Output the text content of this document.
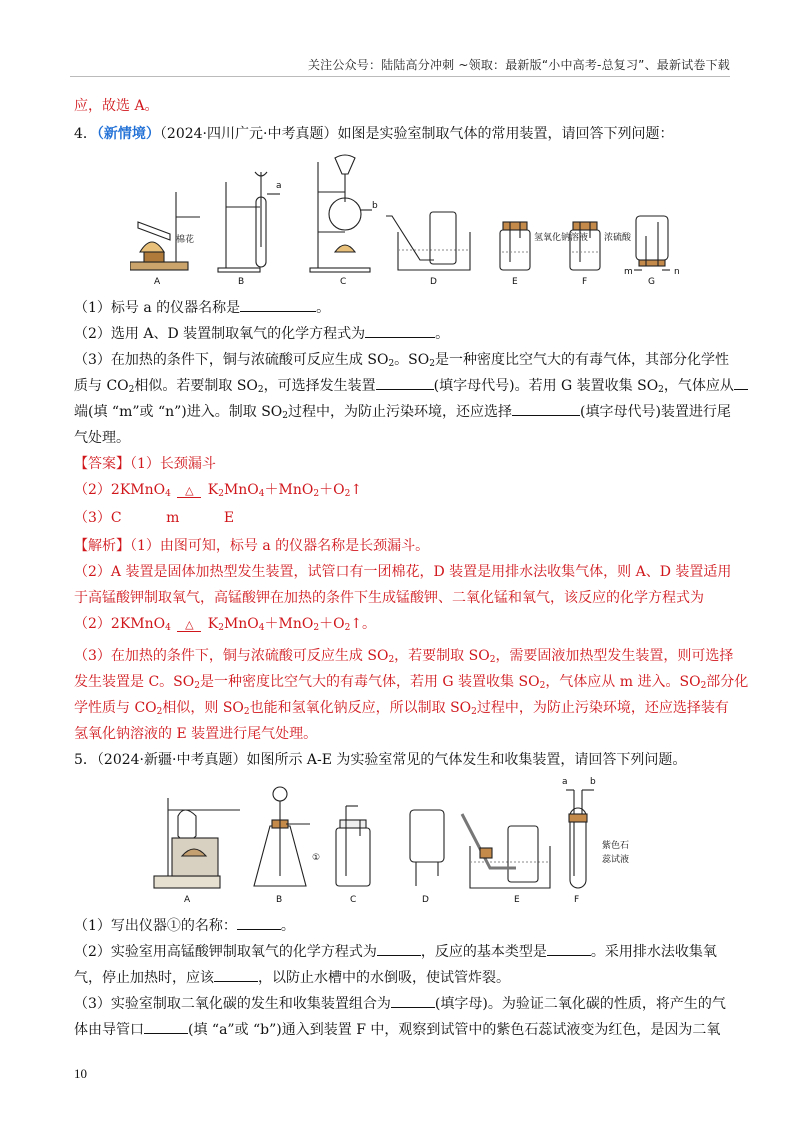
关注公众号：陆陆高分冲刺 ~领取：最新版“小中高考-总复习”、最新试卷下载
应，故选 A。
4．（新情境）（2024·四川广元·中考真题）如图是实验室制取气体的常用装置，请回答下列问题：
棉花
A
a
B
b
C	D
氢氧化钠溶液
E
浓硫酸
F
m	n
G
（1）标号 a 的仪器名称是	。
（2）选用 A、D 装置制取氧气的化学方程式为	。
（3）在加热的条件下，铜与浓硫酸可反应生成 $SO_2$。$SO_2$是一种密度比空气大的有毒气体，其部分化学性
质与 $CO_2$相似。若要制取 $SO_2$，可选择发生装置	(填字母代号)。若用 G 装置收集 $SO_2$，气体应从
端(填 “m”或 “n”)进入。制取 $SO_2$过程中，为防止污染环境，还应选择	(填字母代号)装置进行尾
气处理。
【答案】（1）长颈漏斗
（2）2KMnO$_4$ △ $K_2MnO_4+MnO_2+O_2↑$
（3）C          m          E
【解析】（1）由图可知，标号 a 的仪器名称是长颈漏斗。
（2）A 装置是固体加热型发生装置，试管口有一团棉花，D 装置是用排水法收集气体，则 A、D 装置适用
于高锰酸钾制取氧气，高锰酸钾在加热的条件下生成锰酸钾、二氧化锰和氧气，该反应的化学方程式为
（2）2KMnO$_4$ △ $K_2MnO_4+MnO_2+O_2↑$。
（3）在加热的条件下，铜与浓硫酸可反应生成 $SO_2$，若要制取 $SO_2$，需要固液加热型发生装置，则可选择
发生装置是 C。$SO_2$是一种密度比空气大的有毒气体，若用 G 装置收集 $SO_2$，气体应从 m 进入。$SO_2$部分化
学性质与 $CO_2$相似，则 $SO_2$也能和氢氧化钠反应，所以制取 $SO_2$过程中，为防止污染环境，还应选择装有
氢氧化钠溶液的 E 装置进行尾气处理。
5．（2024·新疆·中考真题）如图所示 A-E 为实验室常见的气体发生和收集装置，请回答下列问题。
A
①
B	C	D	E
a b
紫色石
蕊试液
F
（1）写出仪器①的名称：	。
（2）实验室用高锰酸钾制取氧气的化学方程式为	，反应的基本类型是	。采用排水法收集氧
气，停止加热时，应该	，以防止水槽中的水倒吸，使试管炸裂。
（3）实验室制取二氧化碳的发生和收集装置组合为	(填字母)。为验证二氧化碳的性质，将产生的气
体由导管口	(填 “a”或 “b”)通入到装置 F 中，观察到试管中的紫色石蕊试液变为红色，是因为二氧
10
